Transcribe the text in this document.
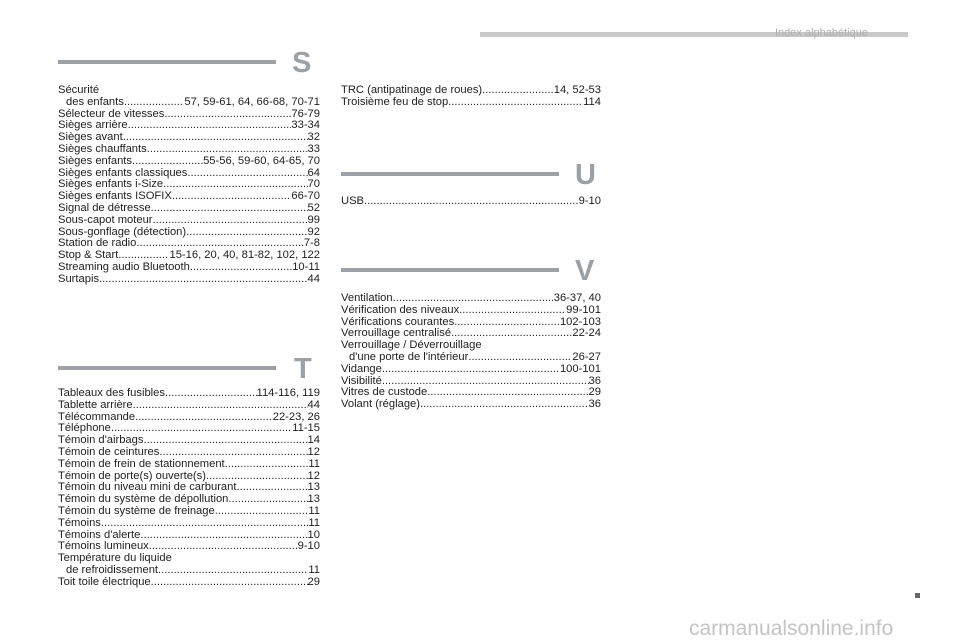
Index alphabétique
S
Sécurité
des enfants .....	57, 59-61, 64, 66-68, 70-71
Sélecteur de vitesses .....	76-79
Sièges arrière .....	33-34
Sièges avant .....	32
Sièges chauffants .....	33
Sièges enfants .....	55-56, 59-60, 64-65, 70
Sièges enfants classiques .....	64
Sièges enfants i-Size .....	70
Sièges enfants ISOFIX .....	66-70
Signal de détresse .....	52
Sous-capot moteur .....	99
Sous-gonflage (détection) .....	92
Station de radio .....	7-8
Stop & Start .....	15-16, 20, 40, 81-82, 102, 122
Streaming audio Bluetooth .....	10-11
Surtapis .....	44
T
Tableaux des fusibles .....	114-116, 119
Tablette arrière .....	44
Télécommande .....	22-23, 26
Téléphone .....	11-15
Témoin d'airbags .....	14
Témoin de ceintures .....	12
Témoin de frein de stationnement .....	11
Témoin de porte(s) ouverte(s) .....	12
Témoin du niveau mini de carburant .....	13
Témoin du système de dépollution .....	13
Témoin du système de freinage .....	11
Témoins .....	11
Témoins d'alerte .....	10
Témoins lumineux .....	9-10
Température du liquide
de refroidissement .....	11
Toit toile électrique .....	29
TRC (antipatinage de roues) .....	14, 52-53
Troisième feu de stop .....	114
U
USB .....	9-10
V
Ventilation .....	36-37, 40
Vérification des niveaux .....	99-101
Vérifications courantes .....	102-103
Verrouillage centralisé .....	22-24
Verrouillage / Déverrouillage
d'une porte de l'intérieur .....	26-27
Vidange .....	100-101
Visibilité .....	36
Vitres de custode .....	29
Volant (réglage) .....	36
carmanualsonline.info
